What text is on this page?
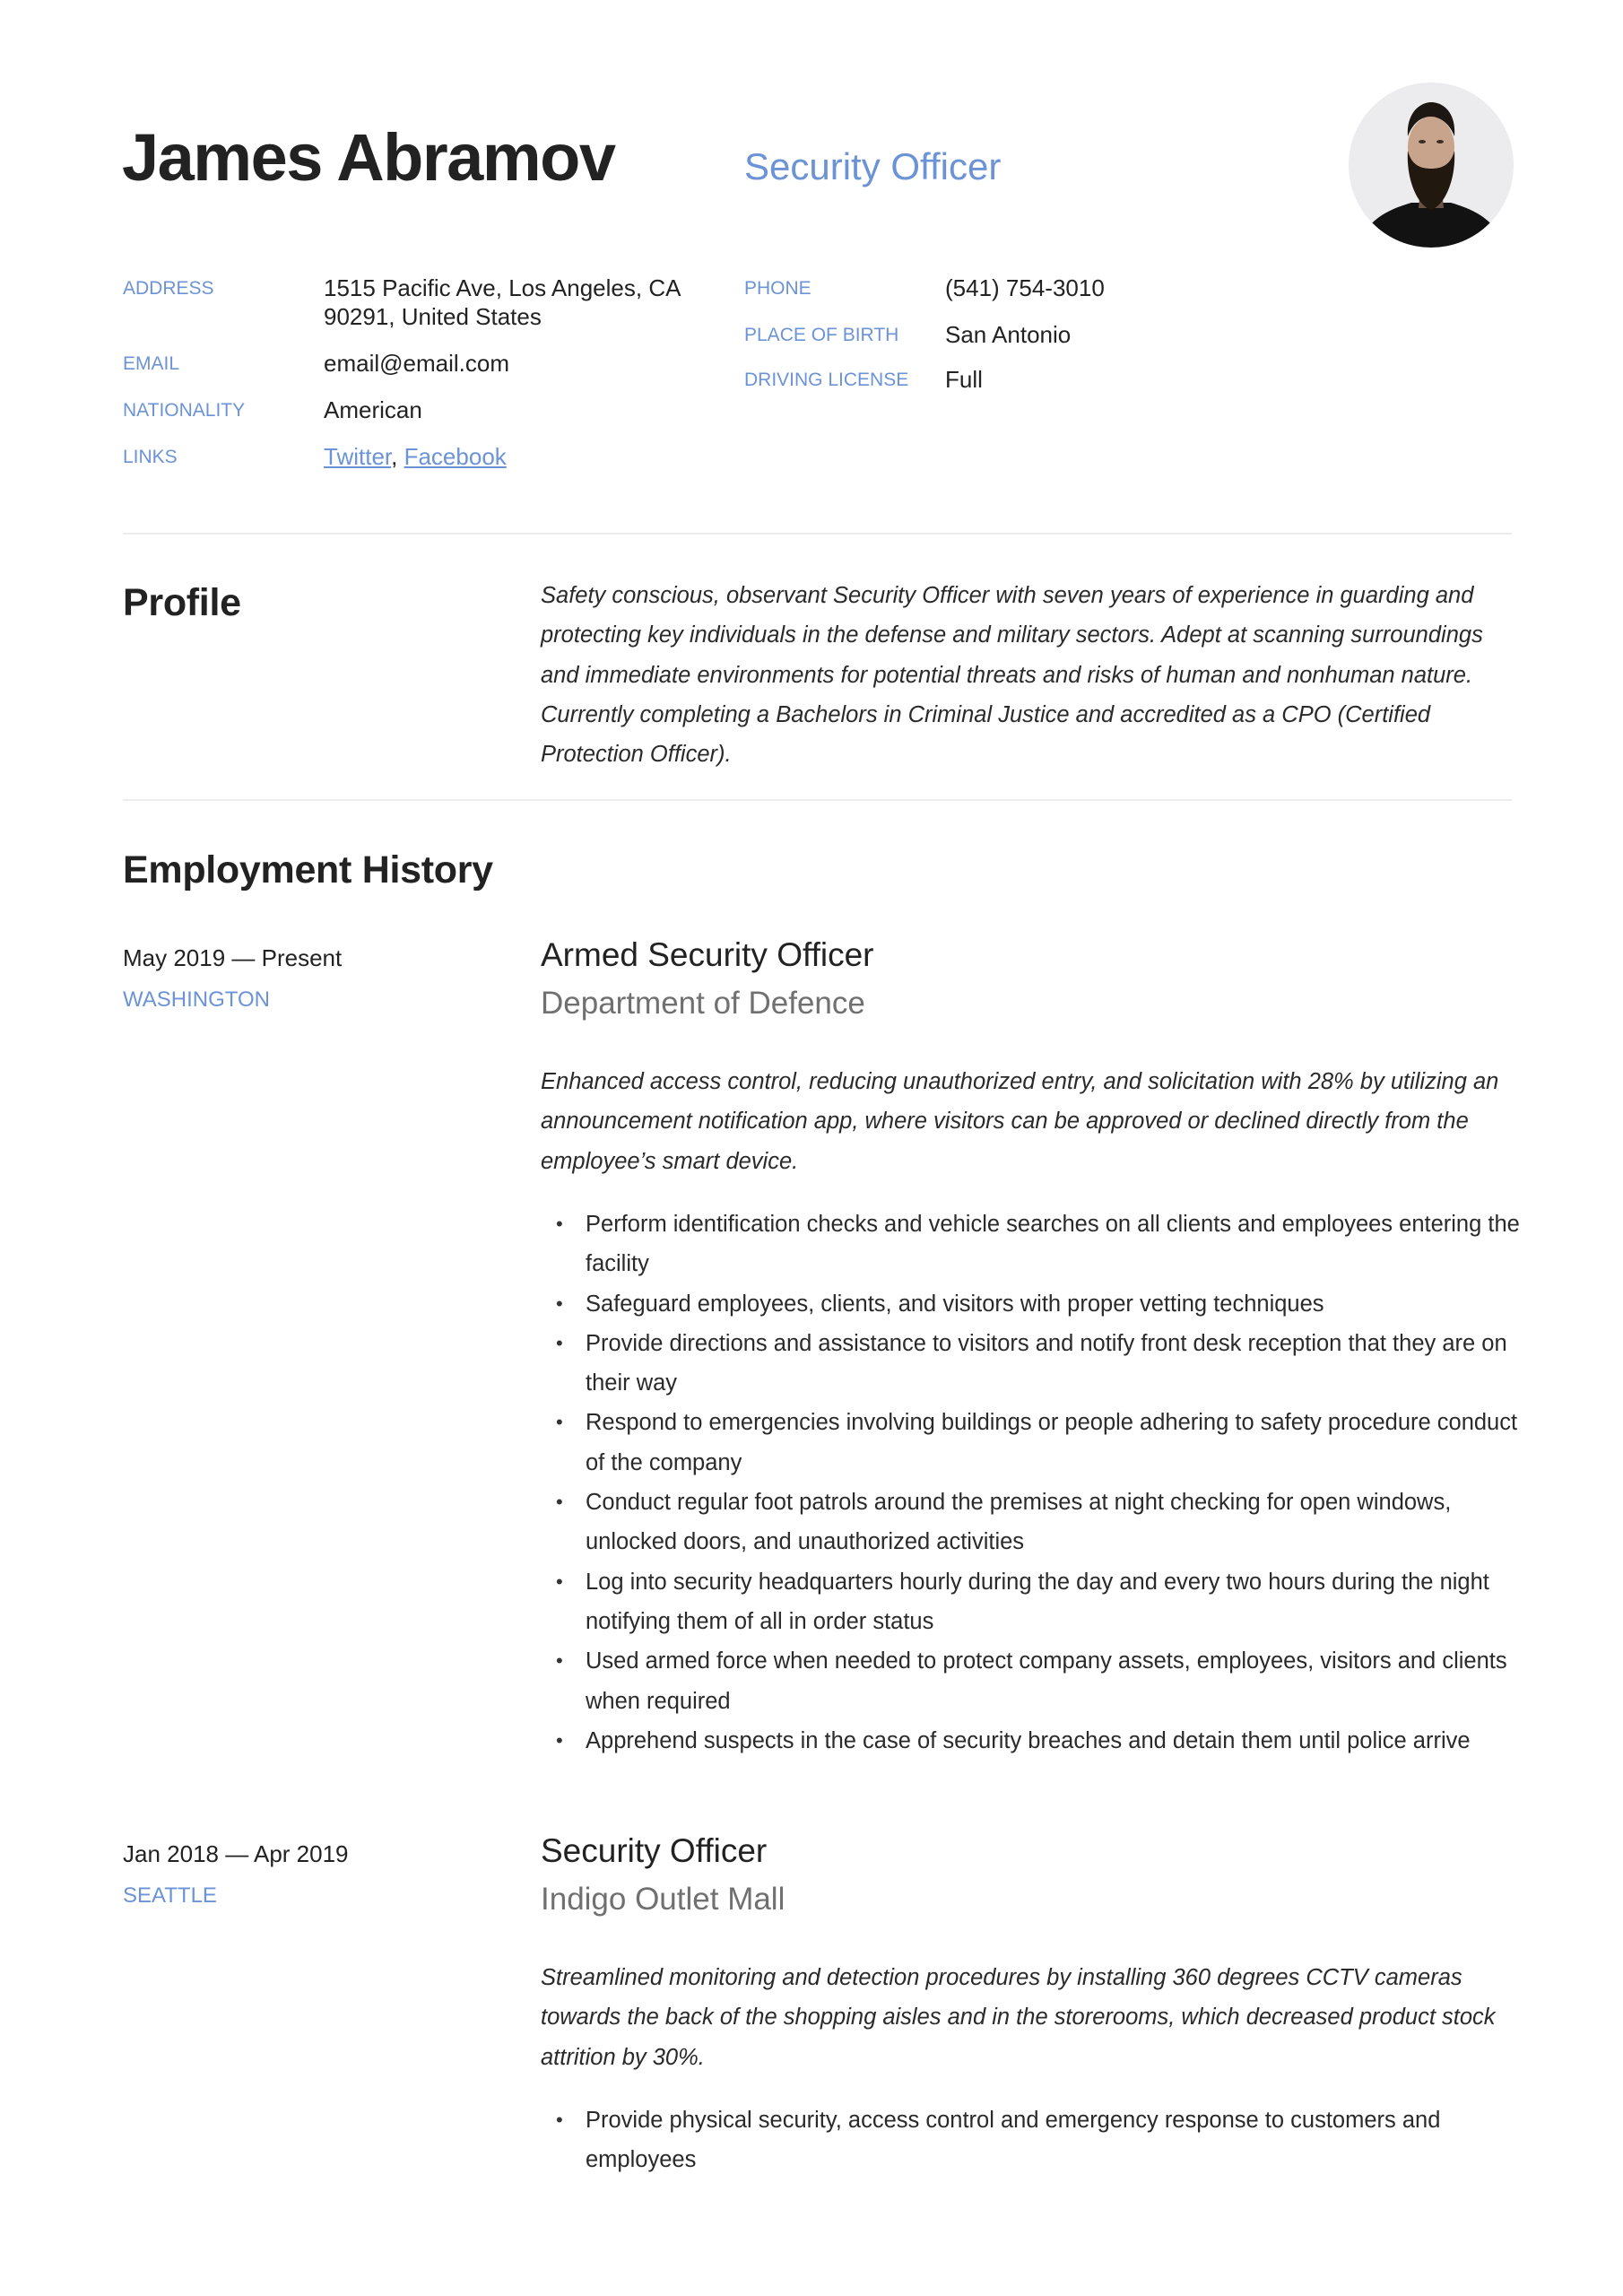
James Abramov	Security Officer
ADDRESS	1515 Pacific Ave, Los Angeles, CA
90291, United States
EMAIL	email@email.com
NATIONALITY	American
LINKS	Twitter, Facebook
PHONE	(541) 754-3010
PLACE OF BIRTH San Antonio
DRIVING LICENSE Full
Profile	Safety conscious, observant Security Officer with seven years of experience in guarding and protecting key individuals in the defense and military sectors. Adept at scanning surroundings and immediate environments for potential threats and risks of human and nonhuman nature. Currently completing a Bachelors in Criminal Justice and accredited as a CPO (Certified Protection Officer).
Employment History
May 2019 — Present
WASHINGTON
Armed Security Officer
Department of Defence
Enhanced access control, reducing unauthorized entry, and solicitation with 28% by utilizing an announcement notification app, where visitors can be approved or declined directly from the employee’s smart device.
• Perform identification checks and vehicle searches on all clients and employees entering the facility
• Safeguard employees, clients, and visitors with proper vetting techniques
• Provide directions and assistance to visitors and notify front desk reception that they are on their way
• Respond to emergencies involving buildings or people adhering to safety procedure conduct of the company
• Conduct regular foot patrols around the premises at night checking for open windows, unlocked doors, and unauthorized activities
• Log into security headquarters hourly during the day and every two hours during the night notifying them of all in order status
• Used armed force when needed to protect company assets, employees, visitors and clients when required
• Apprehend suspects in the case of security breaches and detain them until police arrive
Jan 2018 — Apr 2019
SEATTLE
Security Officer
Indigo Outlet Mall
Streamlined monitoring and detection procedures by installing 360 degrees CCTV cameras towards the back of the shopping aisles and in the storerooms, which decreased product stock attrition by 30%.
• Provide physical security, access control and emergency response to customers and employees
